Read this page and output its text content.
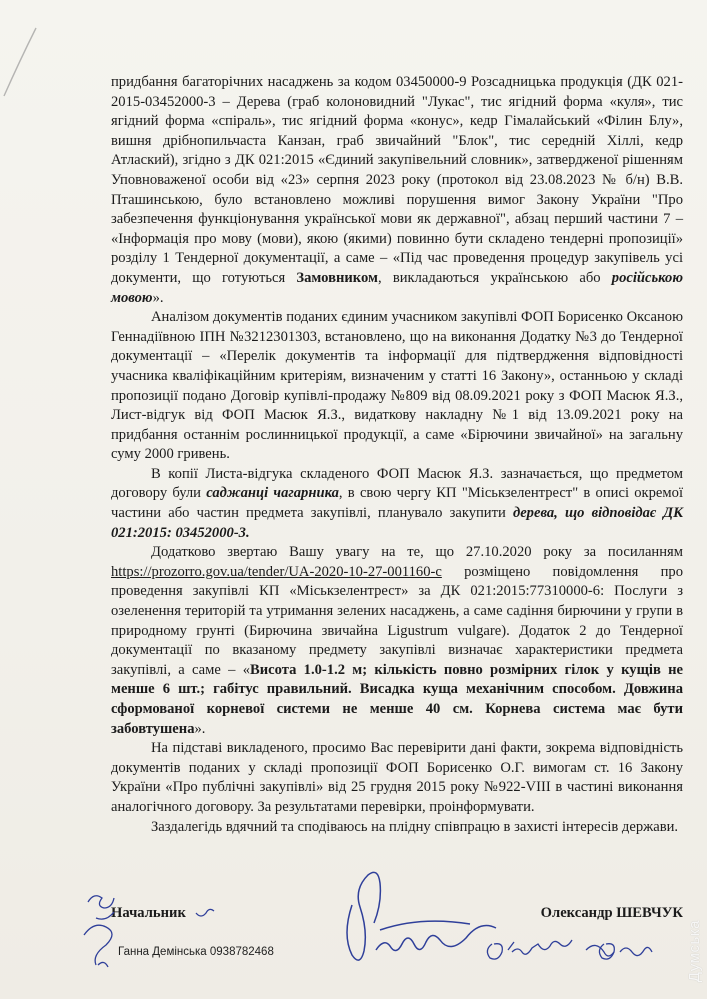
придбання багаторічних насаджень за кодом 03450000-9 Розсадницька продукція (ДК 021-2015-03452000-3 – Дерева (граб колоновидний "Лукас", тис ягідний форма «куля», тис ягідний форма «спіраль», тис ягідний форма «конус», кедр Гімалайський «Філин Блу», вишня дрібнопильчаста Канзан, граб звичайний "Блок", тис середній Хіллі, кедр Атлаский), згідно з ДК 021:2015 «Єдиний закупівельний словник», затвердженої рішенням Уповноваженої особи від «23» серпня 2023 року (протокол від 23.08.2023 № б/н) В.В. Пташинською, було встановлено можливі порушення вимог Закону України "Про забезпечення функціонування української мови як державної", абзац перший частини 7 – «Інформація про мову (мови), якою (якими) повинно бути складено тендерні пропозиції» розділу 1 Тендерної документації, а саме – «Під час проведення процедур закупівель усі документи, що готуються Замовником, викладаються українською або російською мовою».

Аналізом документів поданих єдиним учасником закупівлі ФОП Борисенко Оксаною Геннадіївною ІПН №3212301303, встановлено, що на виконання Додатку №3 до Тендерної документації – «Перелік документів та інформації для підтвердження відповідності учасника кваліфікаційним критеріям, визначеним у статті 16 Закону», останньою у складі пропозиції подано Договір купівлі-продажу №809 від 08.09.2021 року з ФОП Масюк Я.З., Лист-відгук від ФОП Масюк Я.З., видаткову накладну №1 від 13.09.2021 року на придбання останнім рослинницької продукції, а саме «Бірючини звичайної» на загальну суму 2000 гривень.

В копії Листа-відгука складеного ФОП Масюк Я.З. зазначається, що предметом договору були саджанці чагарника, в свою чергу КП "Міськзелентрест" в описі окремої частини або частин предмета закупівлі, планувало закупити дерева, що відповідає ДК 021:2015: 03452000-3.

Додатково звертаю Вашу увагу на те, що 27.10.2020 року за посиланням https://prozorro.gov.ua/tender/UA-2020-10-27-001160-c розміщено повідомлення про проведення закупівлі КП «Міськзелентрест» за ДК 021:2015:77310000-6: Послуги з озеленення територій та утримання зелених насаджень, а саме садіння бирючини у групи в природному грунті (Бирючина звичайна Ligustrum vulgare). Додаток 2 до Тендерної документації по вказаному предмету закупівлі визначає характеристики предмета закупівлі, а саме – «Висота 1.0-1.2 м; кількість повно розмірних гілок у кущів не менше 6 шт.; габітус правильний. Висадка куща механічним способом. Довжина сформованої корневої системи не менше 40 см. Корнева система має бути забовтушена».

На підставі викладеного, просимо Вас перевірити дані факти, зокрема відповідність документів поданих у складі пропозиції ФОП Борисенко О.Г. вимогам ст. 16 Закону України «Про публічні закупівлі» від 25 грудня 2015 року №922-VIII в частині виконання аналогічного договору. За результатами перевірки, проінформувати.

Заздалегідь вдячний та сподіваюсь на плідну співпрацю в захисті інтересів держави.

Начальник	Олександр ШЕВЧУК
Ганна Демінська 0938782468	Думська
